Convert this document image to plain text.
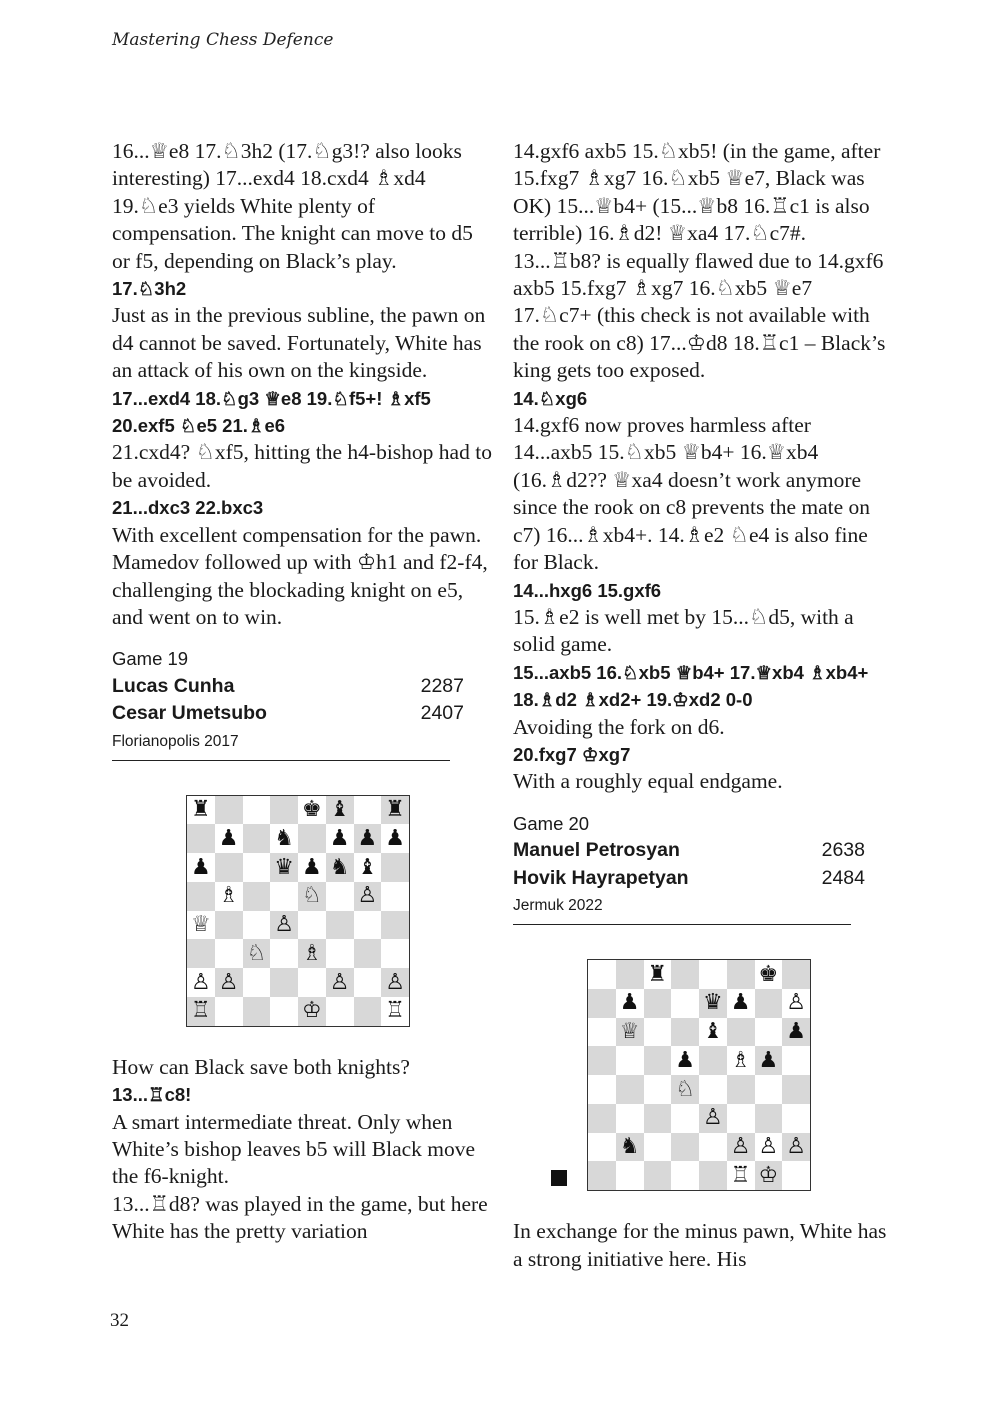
Mastering Chess Defence
16...♕e8 17.♘3h2 (17.♘g3!? also looks interesting) 17...exd4 18.cxd4 ♗xd4 19.♘e3 yields White plenty of compensation. The knight can move to d5 or f5, depending on Black’s play.
17.♘3h2
Just as in the previous subline, the pawn on d4 cannot be saved. Fortunately, White has an attack of his own on the kingside.
17...exd4 18.♘g3 ♕e8 19.♘f5+! ♗xf5 20.exf5 ♘e5 21.♗e6
21.cxd4? ♘xf5, hitting the h4-bishop had to be avoided.
21...dxc3 22.bxc3
With excellent compensation for the pawn. Mamedov followed up with ♔h1 and f2-f4, challenging the blockading knight on e5, and went on to win.
Game 19
Lucas Cunha	2287
Cesar Umetsubo	2407
Florianopolis 2017
♜	♚ ♝ ♜
♟ ♞ ♟ ♟ ♟
♟	♛ ♟ ♞ ♝
♗	♘ ♙
♕	♙
♘ ♗
♙ ♙	♙ ♙
♖	♔	♖
How can Black save both knights?
13...♖c8!
A smart intermediate threat. Only when White’s bishop leaves b5 will Black move the f6-knight.
13...♖d8? was played in the game, but here White has the pretty variation
14.gxf6 axb5 15.♘xb5! (in the game, after 15.fxg7 ♗xg7 16.♘xb5 ♕e7, Black was OK) 15...♕b4+ (15...♕b8 16.♖c1 is also terrible) 16.♗d2! ♕xa4 17.♘c7#. 13...♖b8? is equally flawed due to 14.gxf6 axb5 15.fxg7 ♗xg7 16.♘xb5 ♕e7 17.♘c7+ (this check is not available with the rook on c8) 17...♔d8 18.♖c1 – Black’s king gets too exposed.
14.♘xg6
14.gxf6 now proves harmless after 14...axb5 15.♘xb5 ♕b4+ 16.♕xb4 (16.♗d2?? ♕xa4 doesn’t work anymore since the rook on c8 prevents the mate on c7) 16...♗xb4+. 14.♗e2 ♘e4 is also fine for Black.
14...hxg6 15.gxf6
15.♗e2 is well met by 15...♘d5, with a solid game.
15...axb5 16.♘xb5 ♕b4+ 17.♕xb4 ♗xb4+ 18.♗d2 ♗xd2+ 19.♔xd2 0-0
Avoiding the fork on d6.
20.fxg7 ♔xg7
With a roughly equal endgame.
Game 20
Manuel Petrosyan	2638
Hovik Hayrapetyan	2484
Jermuk 2022
♜	♚
♟	♛ ♟ ♙
♕	♝	♟
♟ ♗ ♟
♘
♙
♞	♙ ♙ ♙
♖ ♔
In exchange for the minus pawn, White has a strong initiative here. His
32
